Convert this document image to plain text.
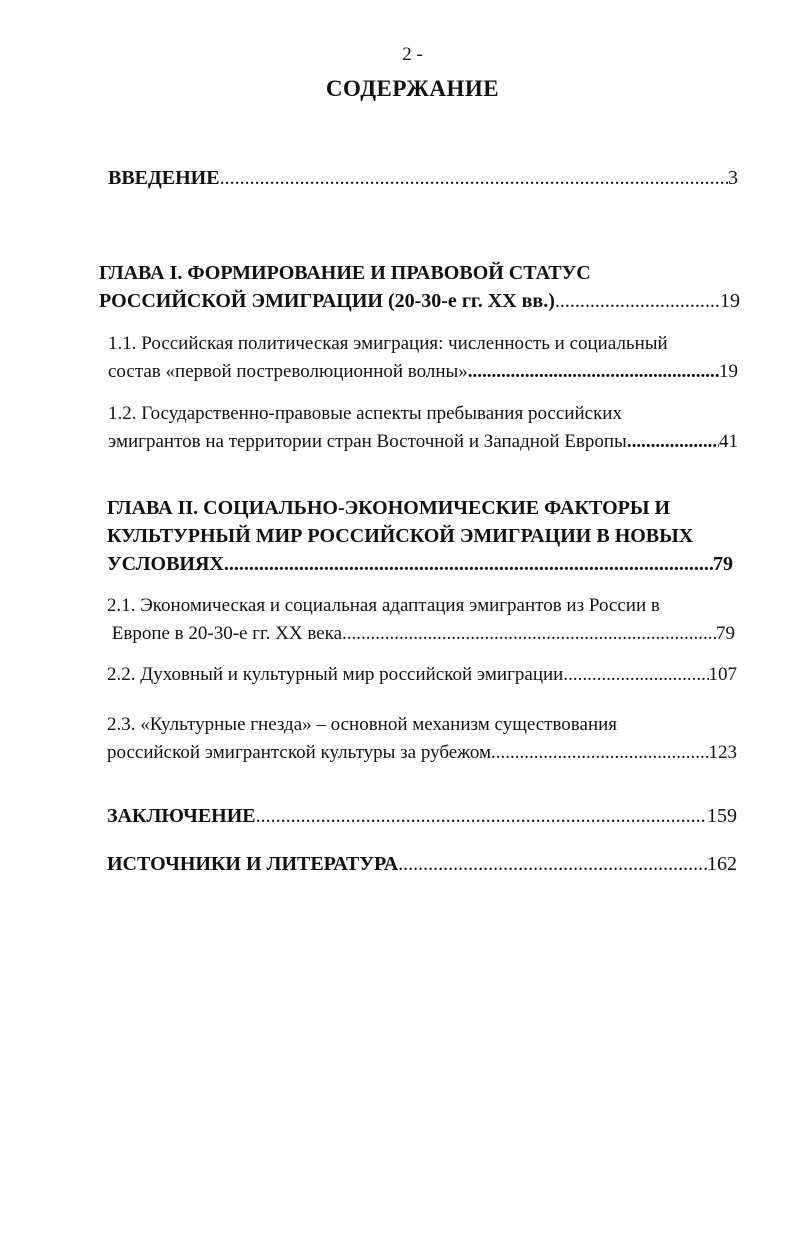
2 -
СОДЕРЖАНИЕ
ВВЕДЕНИЕ .....	3
ГЛАВА I. ФОРМИРОВАНИЕ И ПРАВОВОЙ СТАТУС
РОССИЙСКОЙ ЭМИГРАЦИИ (20-30-е гг. XX вв.) .....	19
1.1. Российская политическая эмиграция: численность и социальный
состав «первой постреволюционной волны» .....	19
1.2. Государственно-правовые аспекты пребывания российских
эмигрантов на территории стран Восточной и Западной Европы .....	41
ГЛАВА II. СОЦИАЛЬНО-ЭКОНОМИЧЕСКИЕ ФАКТОРЫ И
КУЛЬТУРНЫЙ МИР РОССИЙСКОЙ ЭМИГРАЦИИ В НОВЫХ
УСЛОВИЯХ .....	79
2.1. Экономическая и социальная адаптация эмигрантов из России в
Европе в 20-30-е гг. XX века .....	79
2.2. Духовный и культурный мир российской эмиграции .....	107
2.3. «Культурные гнезда» – основной механизм существования
российской эмигрантской культуры за рубежом .....	123
ЗАКЛЮЧЕНИЕ .....	159
ИСТОЧНИКИ И ЛИТЕРАТУРА .....	162
